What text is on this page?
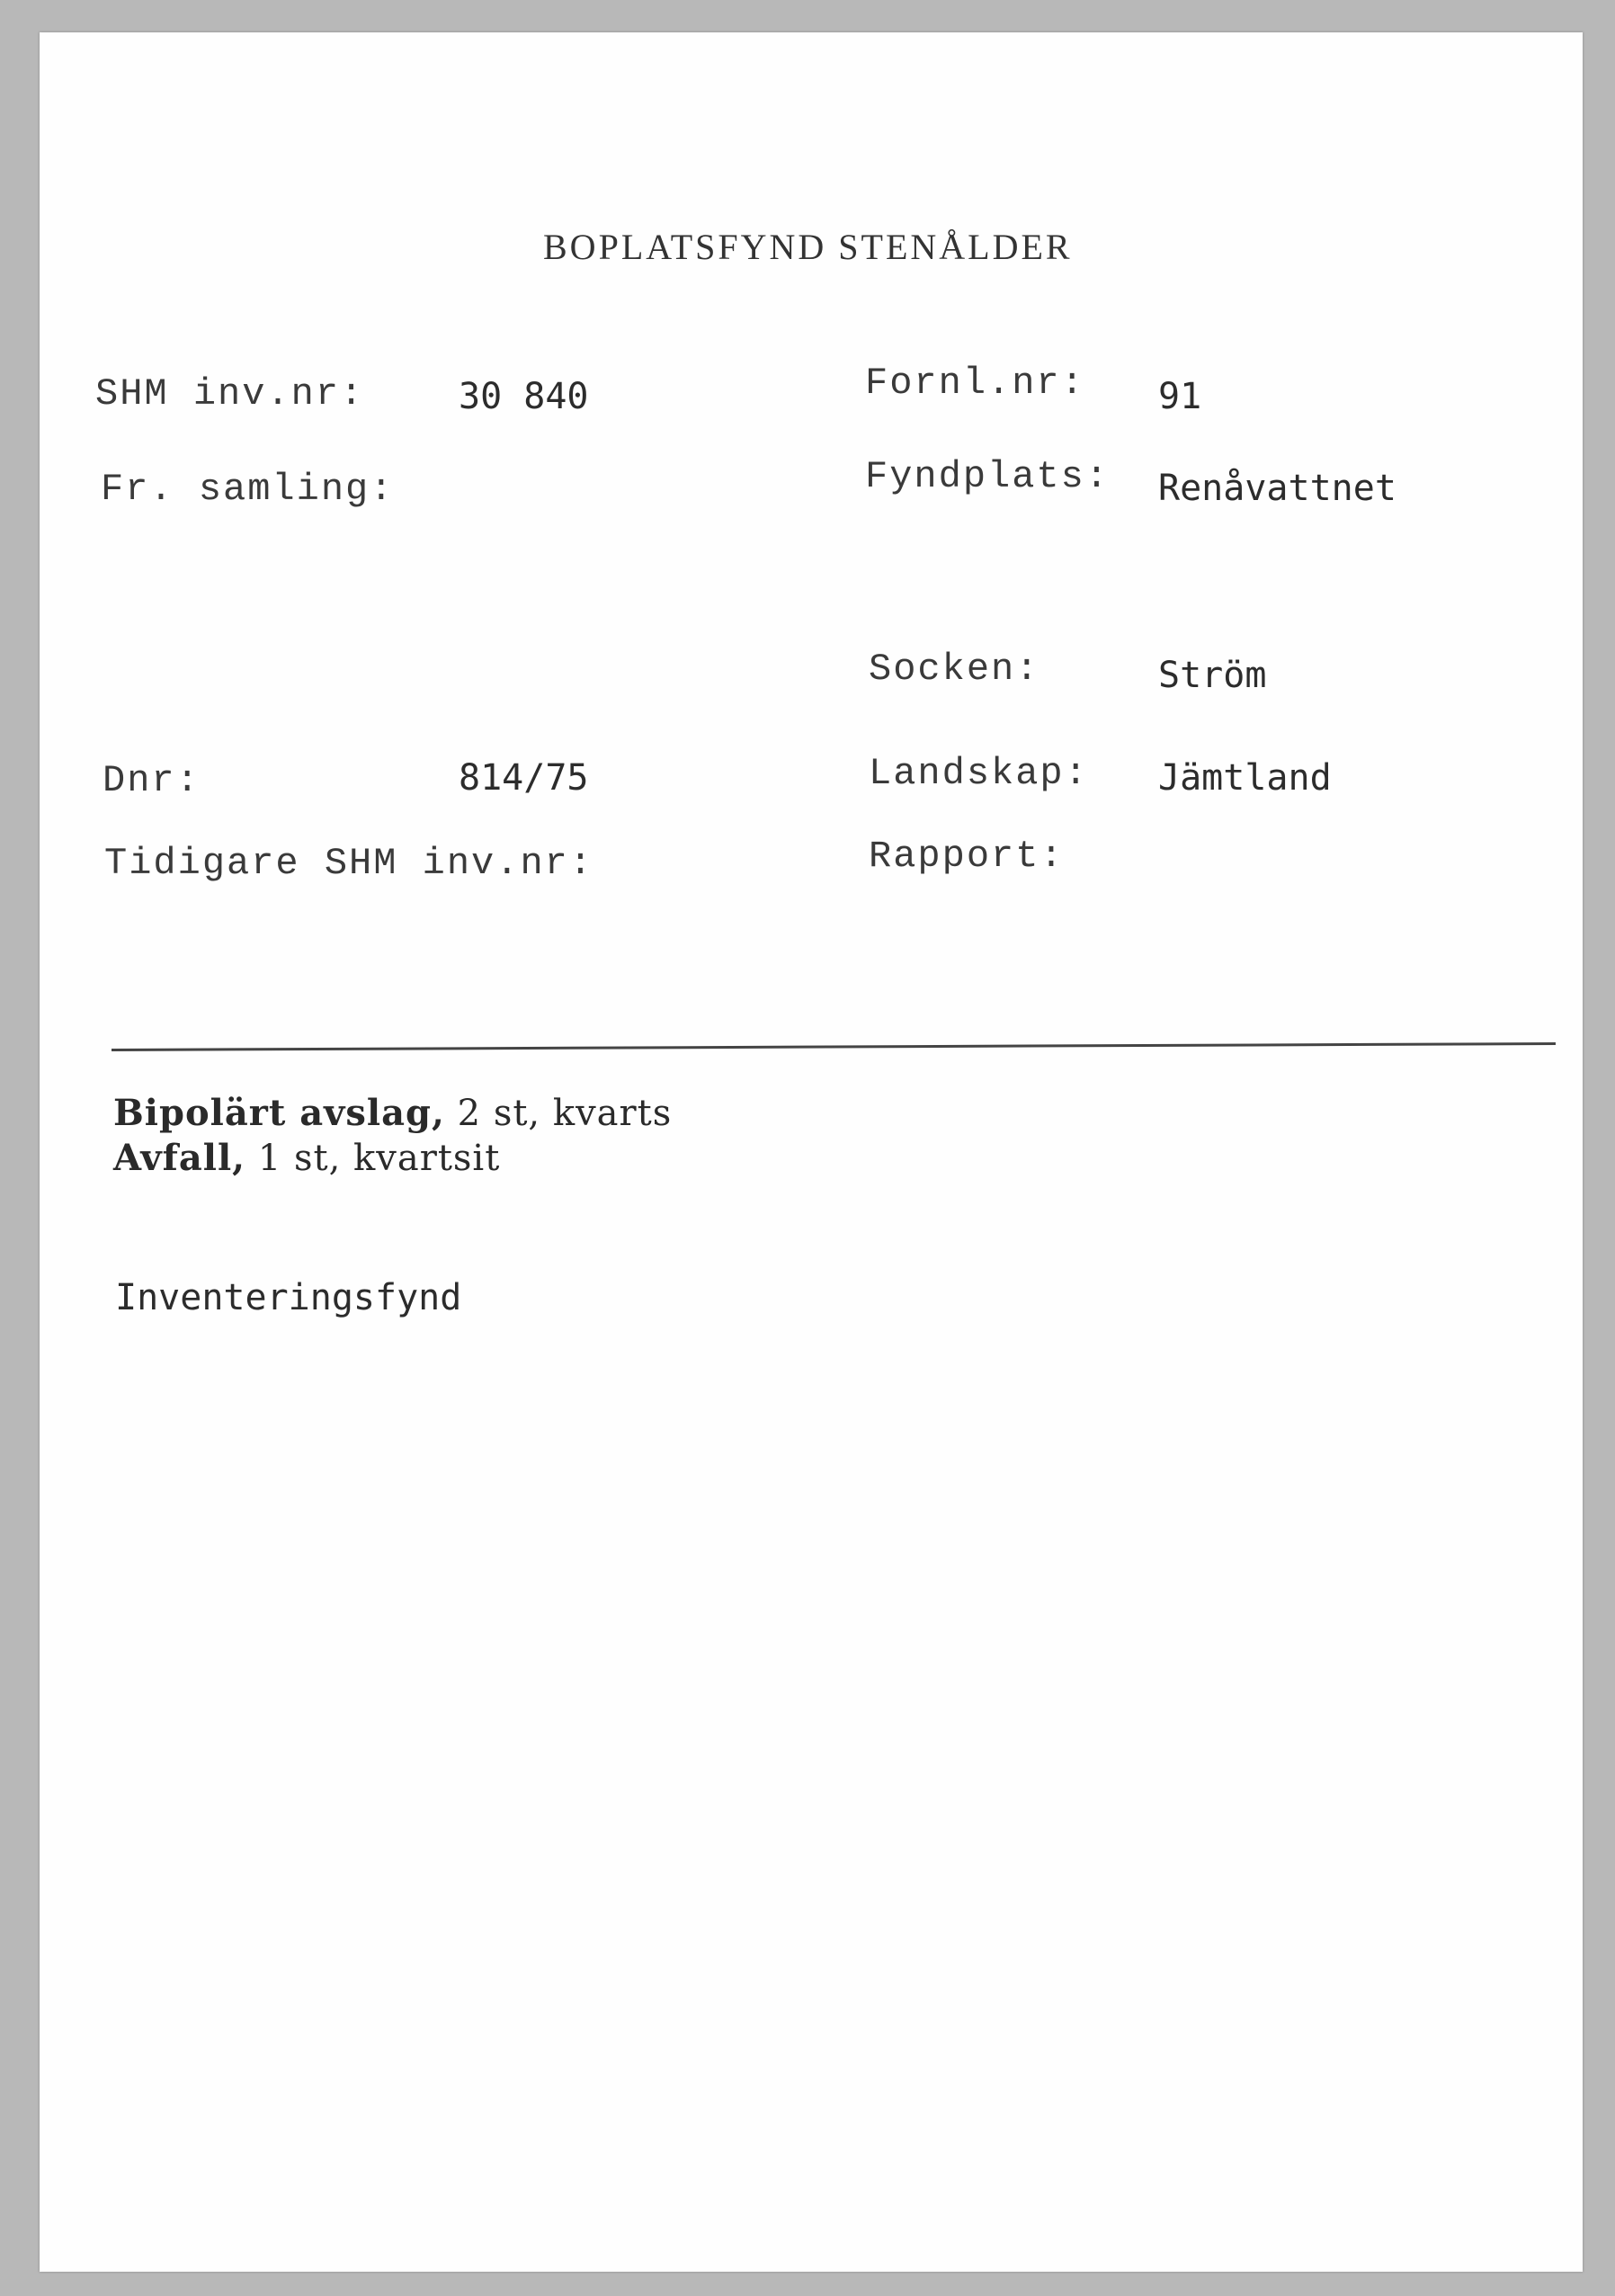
BOPLATSFYND STENÅLDER
SHM inv.nr:	30 840	Fornl.nr: 91
Fr. samling:	Fyndplats: Renåvattnet
Socken:	Ström
Dnr:	814/75	Landskap: Jämtland
Tidigare SHM inv.nr:	Rapport:
Bipolärt avslag, 2 st, kvarts
Avfall, 1 st, kvartsit
Inventeringsfynd
